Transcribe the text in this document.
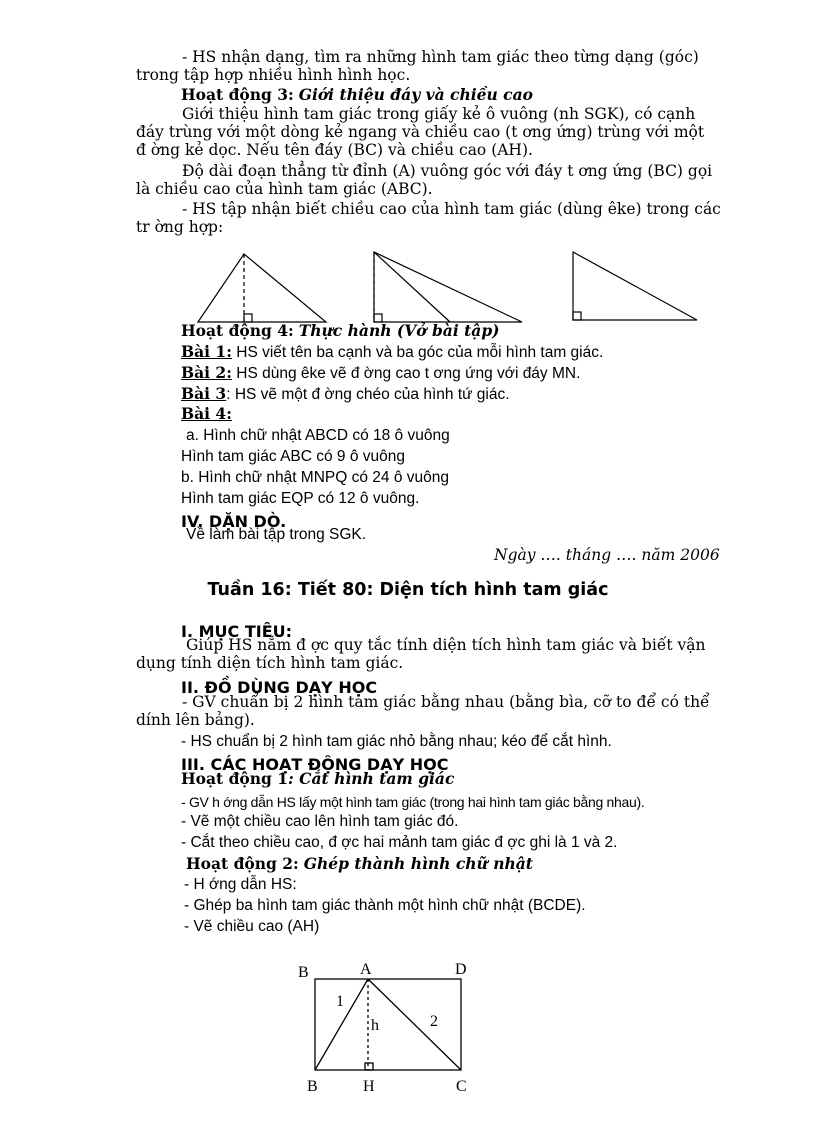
- HS nhận dạng, tìm ra những hình tam giác theo từng dạng (góc)
trong tập hợp nhiều hình hình học.
Hoạt động 3: Giới thiệu đáy và chiều cao
Giới thiệu hình tam giác trong giấy kẻ ô vuông (nh SGK), có cạnh
đáy trùng với một dòng kẻ ngang và chiều cao (t ơng ứng) trùng với một
đ ờng kẻ dọc. Nếu tên đáy (BC) và chiều cao (AH).
Độ dài đoạn thẳng từ đỉnh (A) vuông góc với đáy t ơng ứng (BC) gọi
là chiều cao của hình tam giác (ABC).
- HS tập nhận biết chiều cao của hình tam giác (dùng êke) trong các
tr ờng hợp:
Hoạt động 4: Thực hành (Vở bài tập)
Bài 1: HS viết tên ba cạnh và ba góc của mỗi hình tam giác.
Bài 2: HS dùng êke vẽ đ ờng cao t ơng ứng với đáy MN.
Bài 3: HS vẽ một đ ờng chéo của hình tứ giác.
Bài 4:
a. Hình chữ nhật ABCD có 18 ô vuông
Hình tam giác ABC có 9 ô vuông
b. Hình chữ nhật MNPQ có 24 ô vuông
Hình tam giác EQP có 12 ô vuông.
IV. DẶN DÒ.
Về làm bài tập trong SGK.
Ngày …. tháng …. năm 2006
Tuần 16: Tiết 80: Diện tích hình tam giác
I. MỤC TIÊU:
Giúp HS nắm đ ợc quy tắc tính diện tích hình tam giác và biết vận
dụng tính diện tích hình tam giác.
II. ĐỒ DÙNG DẠY HỌC
- GV chuẩn bị 2 hình tam giác bằng nhau (bằng bìa, cỡ to để có thể
dính lên bảng).
- HS chuẩn bị 2 hình tam giác nhỏ bằng nhau; kéo để cắt hình.
III. CÁC HOẠT ĐỘNG DẠY HỌC
Hoạt động 1: Cắt hình tam giác
- GV h ớng dẫn HS lấy một hình tam giác (trong hai hình tam giác bằng nhau).
- Vẽ một chiều cao lên hình tam giác đó.
- Cắt theo chiều cao, đ ợc hai mảnh tam giác đ ợc ghi là 1 và 2.
Hoạt động 2: Ghép thành hình chữ nhật
- H ớng dẫn HS:
- Ghép ba hình tam giác thành một hình chữ nhật (BCDE).
- Vẽ chiều cao (AH)
B	A	D
1
h	2
B	H	C
